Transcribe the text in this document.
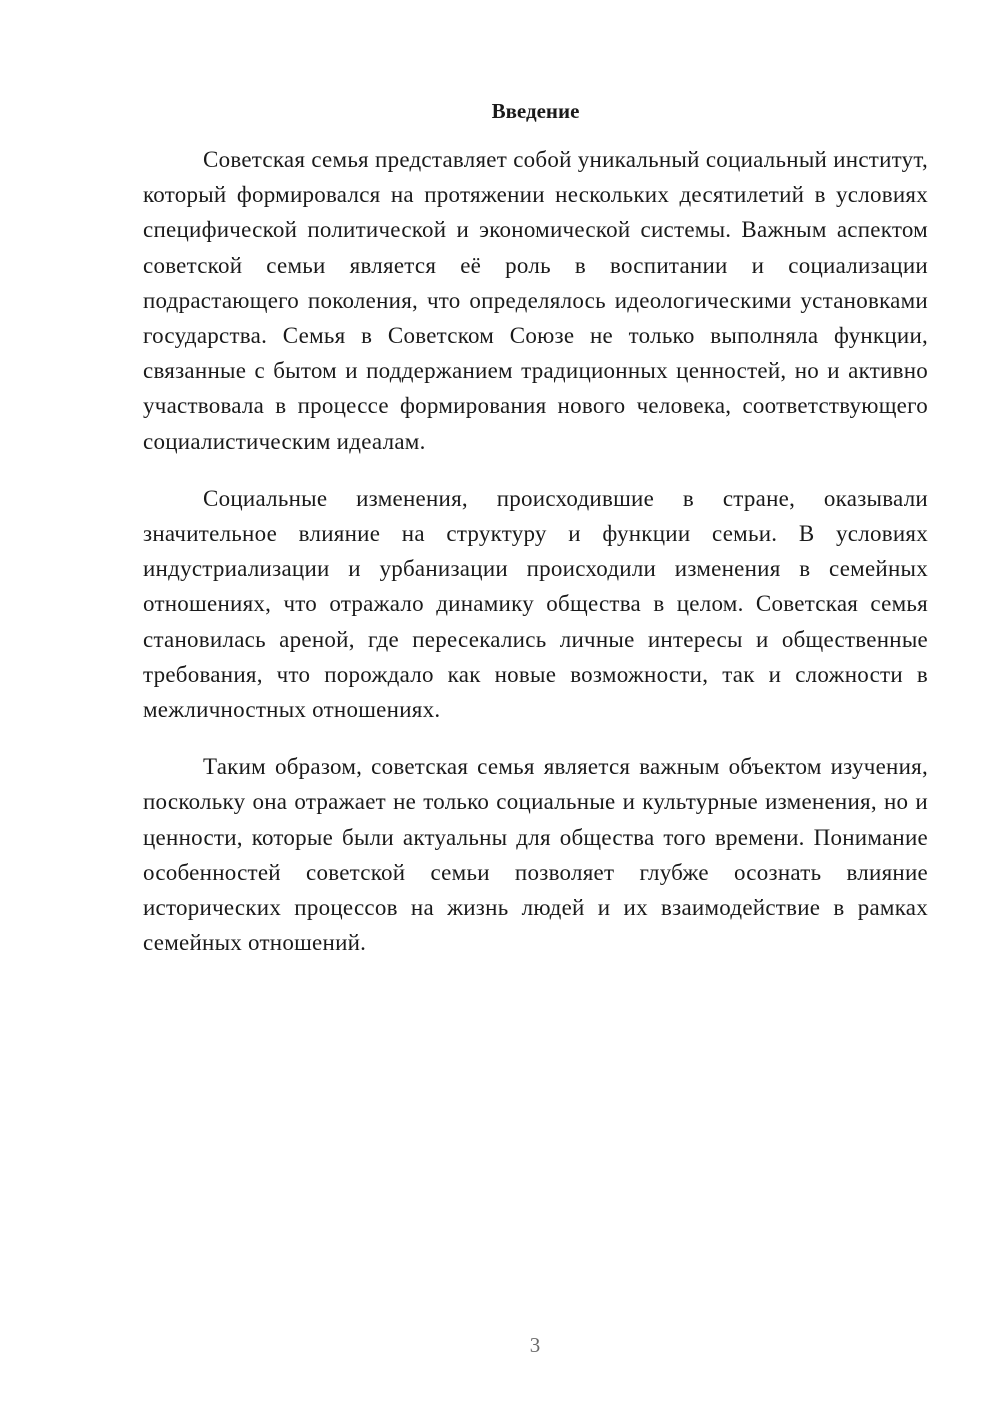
Введение

Советская семья представляет собой уникальный социальный институт, который формировался на протяжении нескольких десятилетий в условиях специфической политической и экономической системы. Важным аспектом советской семьи является её роль в воспитании и социализации подрастающего поколения, что определялось идеологическими установками государства. Семья в Советском Союзе не только выполняла функции, связанные с бытом и поддержанием традиционных ценностей, но и активно участвовала в процессе формирования нового человека, соответствующего социалистическим идеалам.

Социальные изменения, происходившие в стране, оказывали значительное влияние на структуру и функции семьи. В условиях индустриализации и урбанизации происходили изменения в семейных отношениях, что отражало динамику общества в целом. Советская семья становилась ареной, где пересекались личные интересы и общественные требования, что порождало как новые возможности, так и сложности в межличностных отношениях.

Таким образом, советская семья является важным объектом изучения, поскольку она отражает не только социальные и культурные изменения, но и ценности, которые были актуальны для общества того времени. Понимание особенностей советской семьи позволяет глубже осознать влияние исторических процессов на жизнь людей и их взаимодействие в рамках семейных отношений.

3
